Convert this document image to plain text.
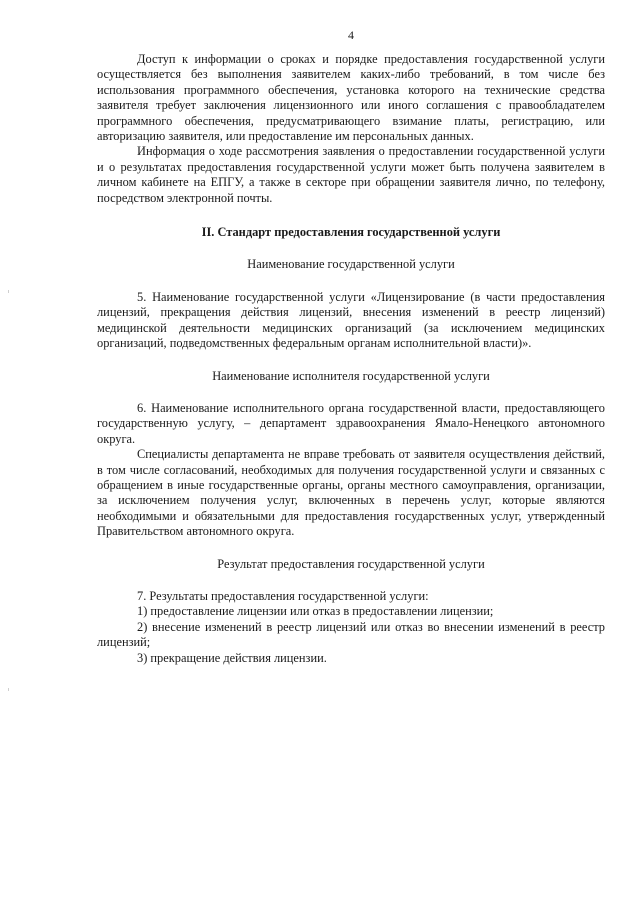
4

Доступ к информации о сроках и порядке предоставления государственной услуги осуществляется без выполнения заявителем каких-либо требований, в том числе без использования программного обеспечения, установка которого на технические средства заявителя требует заключения лицензионного или иного соглашения с правообладателем программного обеспечения, предусматривающего взимание платы, регистрацию, или авторизацию заявителя, или предоставление им персональных данных.

Информация о ходе рассмотрения заявления о предоставлении государственной услуги и о результатах предоставления государственной услуги может быть получена заявителем в личном кабинете на ЕПГУ, а также в секторе при обращении заявителя лично, по телефону, посредством электронной почты.

II. Стандарт предоставления государственной услуги
Наименование государственной услуги

5. Наименование государственной услуги «Лицензирование (в части предоставления лицензий, прекращения действия лицензий, внесения изменений в реестр лицензий) медицинской деятельности медицинских организаций (за исключением медицинских организаций, подведомственных федеральным органам исполнительной власти)».

Наименование исполнителя государственной услуги

6. Наименование исполнительного органа государственной власти, предоставляющего государственную услугу, – департамент здравоохранения Ямало-Ненецкого автономного округа.

Специалисты департамента не вправе требовать от заявителя осуществления действий, в том числе согласований, необходимых для получения государственной услуги и связанных с обращением в иные государственные органы, органы местного самоуправления, организации, за исключением получения услуг, включенных в перечень услуг, которые являются необходимыми и обязательными для предоставления государственных услуг, утвержденный Правительством автономного округа.

Результат предоставления государственной услуги

7. Результаты предоставления государственной услуги:

1) предоставление лицензии или отказ в предоставлении лицензии;

2) внесение изменений в реестр лицензий или отказ во внесении изменений в реестр лицензий;

3) прекращение действия лицензии.
